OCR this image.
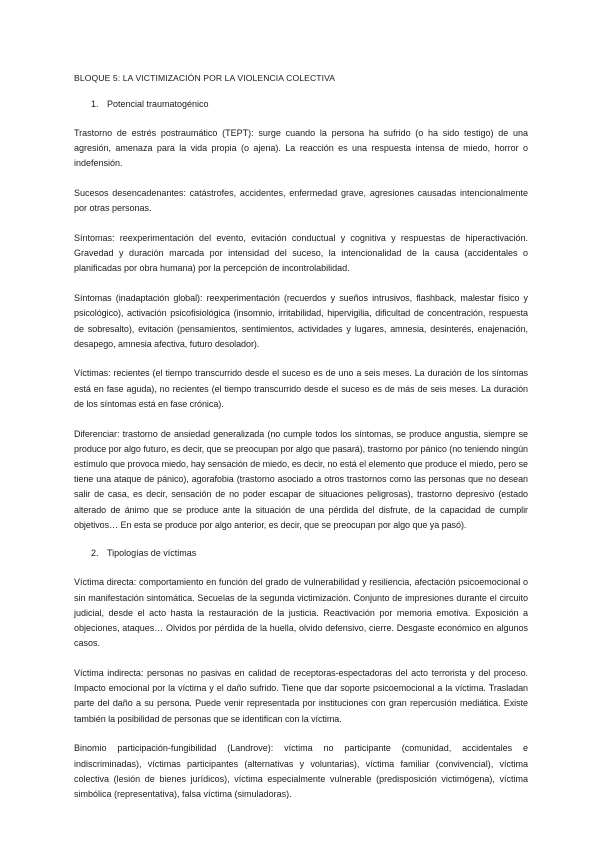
BLOQUE 5: LA VICTIMIZACIÓN POR LA VIOLENCIA COLECTIVA
1. Potencial traumatogénico

Trastorno de estrés postraumático (TEPT): surge cuando la persona ha sufrido (o ha sido testigo) de una agresión, amenaza para la vida propia (o ajena). La reacción es una respuesta intensa de miedo, horror o indefensión.

Sucesos desencadenantes: catástrofes, accidentes, enfermedad grave, agresiones causadas intencionalmente por otras personas.

Síntomas: reexperimentación del evento, evitación conductual y cognitiva y respuestas de hiperactivación. Gravedad y duración marcada por intensidad del suceso, la intencionalidad de la causa (accidentales o planificadas por obra humana) por la percepción de incontrolabilidad.

Síntomas (inadaptación global): reexperimentación (recuerdos y sueños intrusivos, flashback, malestar físico y psicológico), activación psicofisiológica (insomnio, irritabilidad, hipervigilia, dificultad de concentración, respuesta de sobresalto), evitación (pensamientos, sentimientos, actividades y lugares, amnesia, desinterés, enajenación, desapego, amnesia afectiva, futuro desolador).

Víctimas: recientes (el tiempo transcurrido desde el suceso es de uno a seis meses. La duración de los síntomas está en fase aguda), no recientes (el tiempo transcurrido desde el suceso es de más de seis meses. La duración de los síntomas está en fase crónica).

Diferenciar: trastorno de ansiedad generalizada (no cumple todos los síntomas, se produce angustia, siempre se produce por algo futuro, es decir, que se preocupan por algo que pasará), trastorno por pánico (no teniendo ningún estímulo que provoca miedo, hay sensación de miedo, es decir, no está el elemento que produce el miedo, pero se tiene una ataque de pánico), agorafobia (trastorno asociado a otros trastornos como las personas que no desean salir de casa, es decir, sensación de no poder escapar de situaciones peligrosas), trastorno depresivo (estado alterado de ánimo que se produce ante la situación de una pérdida del disfrute, de la capacidad de cumplir objetivos… En esta se produce por algo anterior, es decir, que se preocupan por algo que ya pasó).

2. Tipologías de víctimas

Víctima directa: comportamiento en función del grado de vulnerabilidad y resiliencia, afectación psicoemocional o sin manifestación sintomática. Secuelas de la segunda victimización. Conjunto de impresiones durante el circuito judicial, desde el acto hasta la restauración de la justicia. Reactivación por memoria emotiva. Exposición a objeciones, ataques… Olvidos por pérdida de la huella, olvido defensivo, cierre. Desgaste económico en algunos casos.

Víctima indirecta: personas no pasivas en calidad de receptoras-espectadoras del acto terrorista y del proceso. Impacto emocional por la víctima y el daño sufrido. Tiene que dar soporte psicoemocional a la víctima. Trasladan parte del daño a su persona. Puede venir representada por instituciones con gran repercusión mediática. Existe también la posibilidad de personas que se identifican con la víctima.

Binomio participación-fungibilidad (Landrove): víctima no participante (comunidad, accidentales e indiscriminadas), víctimas participantes (alternativas y voluntarias), víctima familiar (convivencial), víctima colectiva (lesión de bienes jurídicos), víctima especialmente vulnerable (predisposición victimógena), víctima simbólica (representativa), falsa víctima (simuladoras).
